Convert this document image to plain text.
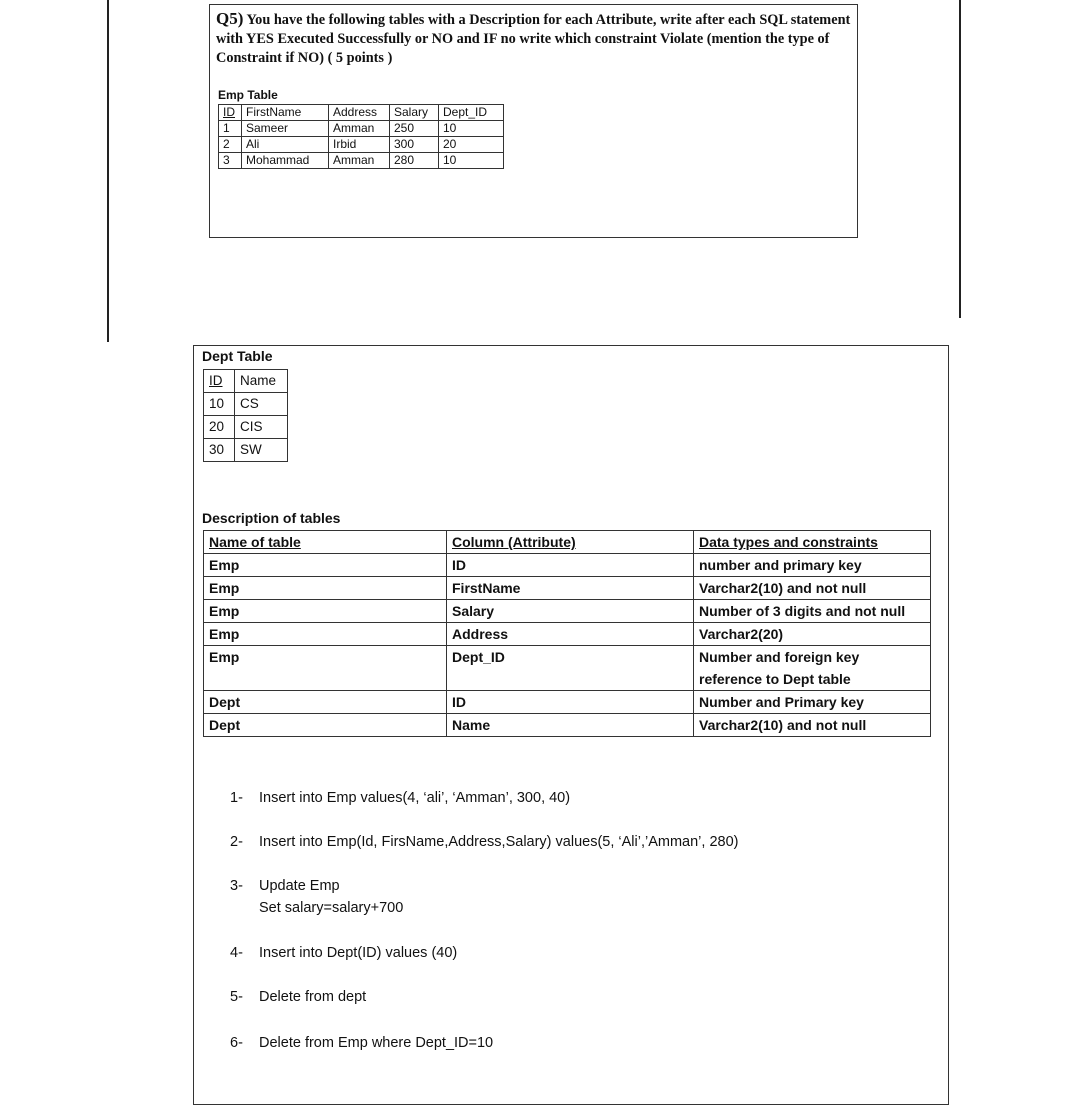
Q5) You have the following tables with a Description for each Attribute, write after each SQL statement with YES Executed Successfully or NO and IF no write which constraint Violate (mention the type of Constraint if NO) ( 5 points )
Emp Table
ID	FirstName	Address	Salary	Dept_ID
1	Sameer	Amman	250	10
2	Ali	Irbid	300	20
3	Mohammad	Amman	280	10
Dept Table
ID	Name
10	CS
20	CIS
30	SW
Description of tables
Name of table	Column (Attribute)	Data types and constraints
Emp	ID	number and primary key
Emp	FirstName	Varchar2(10) and not null
Emp	Salary	Number of 3 digits and not null
Emp	Address	Varchar2(20)
Emp	Dept_ID	Number and foreign key reference to Dept table
Dept	ID	Number and Primary key
Dept	Name	Varchar2(10) and not null
1- Insert into Emp values(4, ‘ali’, ‘Amman’, 300, 40)
2- Insert into Emp(Id, FirsName,Address,Salary) values(5, ‘Ali’,’Amman’, 280)
3- Update Emp
Set salary=salary+700
4- Insert into Dept(ID) values (40)
5- Delete from dept
6- Delete from Emp where Dept_ID=10
